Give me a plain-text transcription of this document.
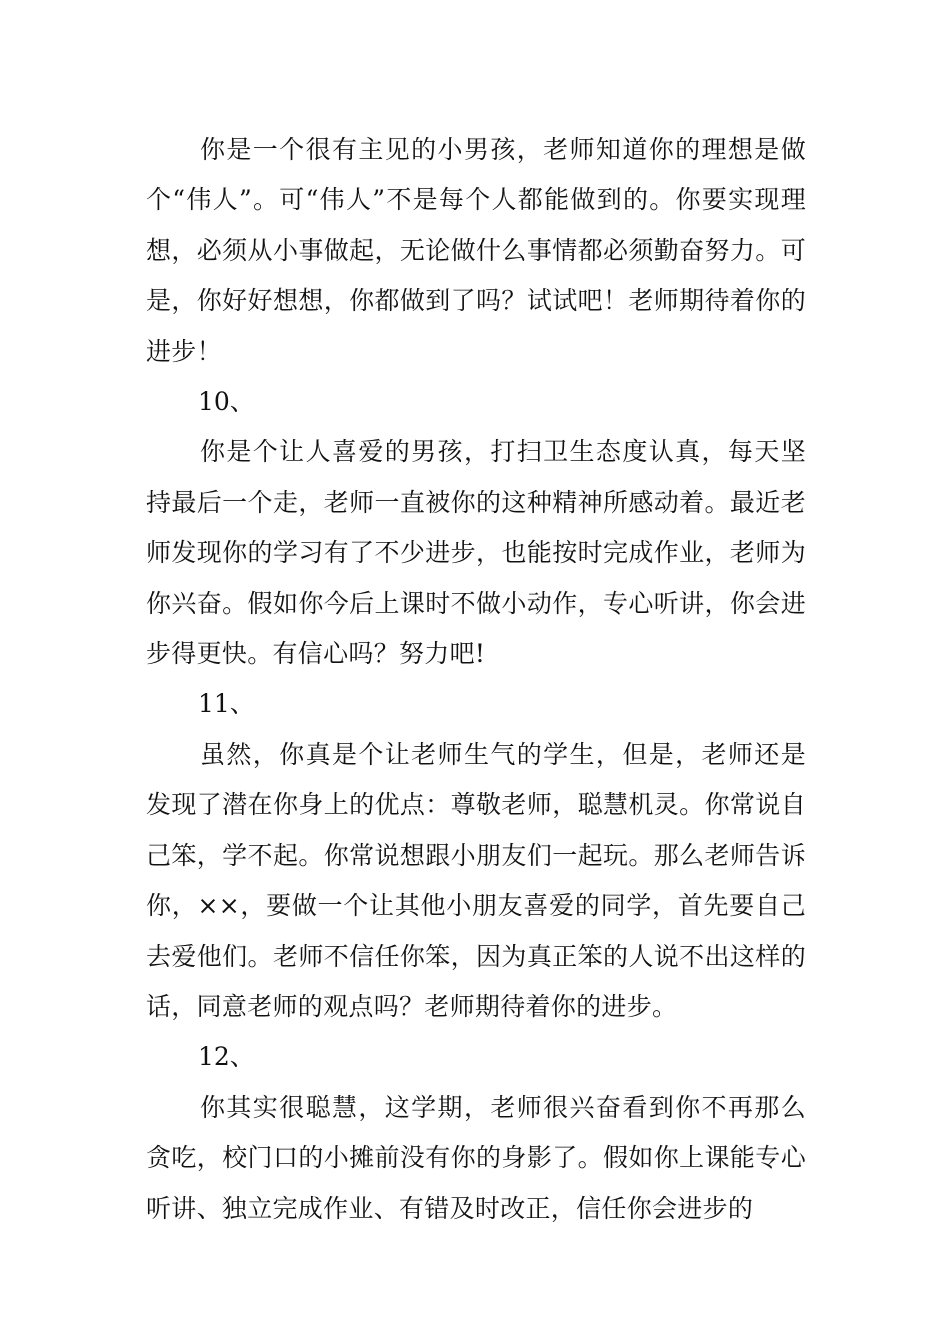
你是一个很有主见的小男孩，老师知道你的理想是做个“伟人”。可“伟人”不是每个人都能做到的。你要实现理想，必须从小事做起，无论做什么事情都必须勤奋努力。可是，你好好想想，你都做到了吗？试试吧！老师期待着你的进步！

10、

你是个让人喜爱的男孩，打扫卫生态度认真，每天坚持最后一个走，老师一直被你的这种精神所感动着。最近老师发现你的学习有了不少进步，也能按时完成作业，老师为你兴奋。假如你今后上课时不做小动作，专心听讲，你会进步得更快。有信心吗？努力吧!

11、

虽然，你真是个让老师生气的学生，但是，老师还是发现了潜在你身上的优点：尊敬老师，聪慧机灵。你常说自己笨，学不起。你常说想跟小朋友们一起玩。那么老师告诉你，××，要做一个让其他小朋友喜爱的同学，首先要自己去爱他们。老师不信任你笨，因为真正笨的人说不出这样的话，同意老师的观点吗？老师期待着你的进步。

12、

你其实很聪慧，这学期，老师很兴奋看到你不再那么贪吃，校门口的小摊前没有你的身影了。假如你上课能专心听讲、独立完成作业、有错及时改正，信任你会进步的
